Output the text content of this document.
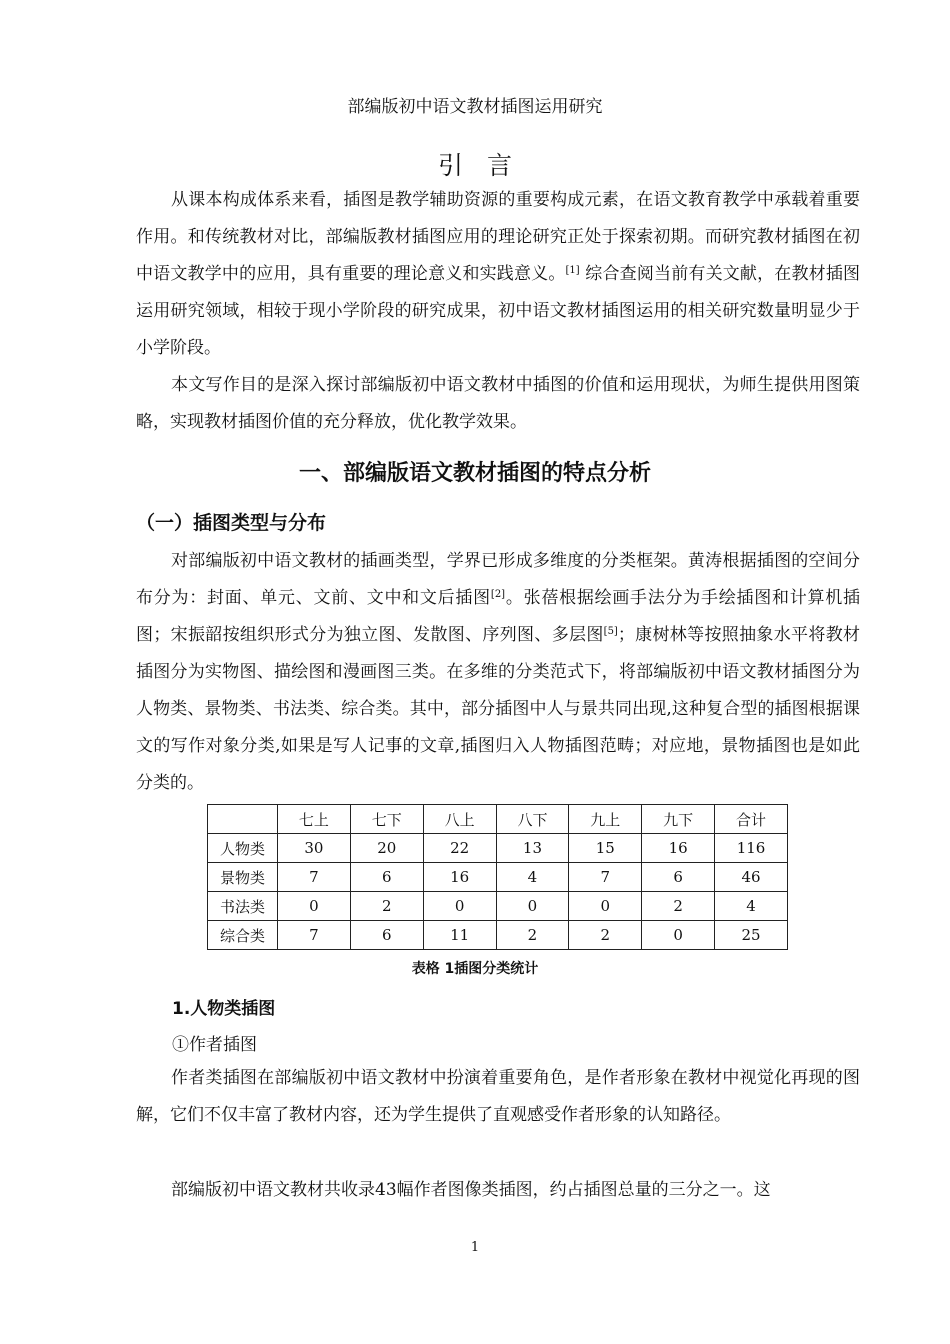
部编版初中语文教材插图运用研究
引言
从课本构成体系来看，插图是教学辅助资源的重要构成元素，在语文教育教学中承载着重要作用。和传统教材对比，部编版教材插图应用的理论研究正处于探索初期。而研究教材插图在初中语文教学中的应用，具有重要的理论意义和实践意义。[1] 综合查阅当前有关文献，在教材插图运用研究领域，相较于现小学阶段的研究成果，初中语文教材插图运用的相关研究数量明显少于小学阶段。
本文写作目的是深入探讨部编版初中语文教材中插图的价值和运用现状，为师生提供用图策略，实现教材插图价值的充分释放，优化教学效果。
一、部编版语文教材插图的特点分析
（一）插图类型与分布
对部编版初中语文教材的插画类型，学界已形成多维度的分类框架。黄涛根据插图的空间分布分为：封面、单元、文前、文中和文后插图[2]。张蓓根据绘画手法分为手绘插图和计算机插图；宋振韶按组织形式分为独立图、发散图、序列图、多层图[5]；康树林等按照抽象水平将教材插图分为实物图、描绘图和漫画图三类。在多维的分类范式下，将部编版初中语文教材插图分为人物类、景物类、书法类、综合类。其中，部分插图中人与景共同出现,这种复合型的插图根据课文的写作对象分类,如果是写人记事的文章,插图归入人物插图范畴；对应地，景物插图也是如此分类的。
	七上	七下	八上	八下	九上	九下	合计
人物类	30	20	22	13	15	16	116
景物类	7	6	16	4	7	6	46
书法类	0	2	0	0	0	2	4
综合类	7	6	11	2	2	0	25
表格 1插图分类统计
1.人物类插图
①作者插图
作者类插图在部编版初中语文教材中扮演着重要角色，是作者形象在教材中视觉化再现的图解，它们不仅丰富了教材内容，还为学生提供了直观感受作者形象的认知路径。
部编版初中语文教材共收录43幅作者图像类插图，约占插图总量的三分之一。这
1
